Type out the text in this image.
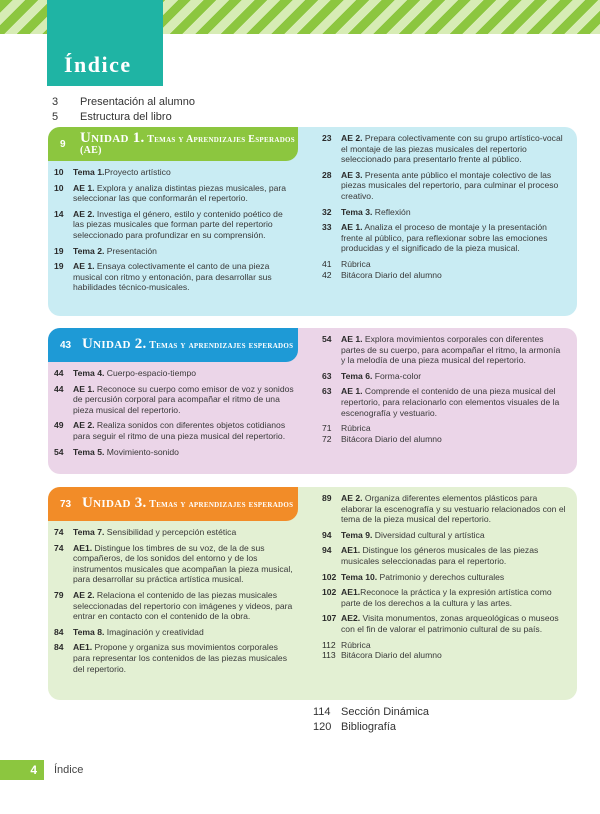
Índice
3	Presentación al alumno
5	Estructura del libro
9 Unidad 1. Temas y Aprendizajes Esperados (AE)
10	Tema 1.Proyecto artístico
10	AE 1. Explora y analiza distintas piezas musicales, para seleccionar las que conformarán el repertorio.
14	AE 2. Investiga el género, estilo y contenido poético de las piezas musicales que forman parte del repertorio seleccionado para profundizar en su comprensión.
19	Tema 2. Presentación
19	AE 1. Ensaya colectivamente el canto de una pieza musical con ritmo y entonación, para desarrollar sus habilidades técnico-musicales.
23	AE 2. Prepara colectivamente con su grupo artístico-vocal el montaje de las piezas musicales del repertorio seleccionado para presentarlo frente al público.
28	AE 3. Presenta ante público el montaje colectivo de las piezas musicales del repertorio, para culminar el proceso creativo.
32	Tema 3. Reflexión
33	AE 1. Analiza el proceso de montaje y la presentación frente al público, para reflexionar sobre las emociones producidas y el significado de la pieza musical.
41	Rúbrica
42	Bitácora Diario del alumno
43 Unidad 2. Temas y aprendizajes esperados
44	Tema 4. Cuerpo-espacio-tiempo
44	AE 1. Reconoce su cuerpo como emisor de voz y sonidos de percusión corporal para acompañar el ritmo de una pieza musical del repertorio.
49	AE 2. Realiza sonidos con diferentes objetos cotidianos para seguir el ritmo de una pieza musical del repertorio.
54	Tema 5. Movimiento-sonido
54	AE 1. Explora movimientos corporales con diferentes partes de su cuerpo, para acompañar el ritmo, la armonía y la melodía de una pieza musical del repertorio.
63	Tema 6. Forma-color
63	AE 1. Comprende el contenido de una pieza musical del repertorio, para relacionarlo con elementos visuales de la escenografía y vestuario.
71	Rúbrica
72	Bitácora Diario del alumno
73 Unidad 3. Temas y aprendizajes esperados
74	Tema 7. Sensibilidad y percepción estética
74	AE1. Distingue los timbres de su voz, de la de sus compañeros, de los sonidos del entorno y de los instrumentos musicales que acompañan la pieza musical, para desarrollar su práctica artística musical.
79	AE 2. Relaciona el contenido de las piezas musicales seleccionadas del repertorio con imágenes y videos, para entrar en contacto con el contenido de la obra.
84	Tema 8. Imaginación y creatividad
84	AE1. Propone y organiza sus movimientos corporales para representar los contenidos de las piezas musicales del repertorio.
89	AE 2. Organiza diferentes elementos plásticos para elaborar la escenografía y su vestuario relacionados con el tema de la pieza musical del repertorio.
94	Tema 9. Diversidad cultural y artística
94	AE1. Distingue los géneros musicales de las piezas musicales seleccionadas para el repertorio.
102 Tema 10. Patrimonio y derechos culturales
102 AE1.Reconoce la práctica y la expresión artística como parte de los derechos a la cultura y las artes.
107 AE2. Visita monumentos, zonas arqueológicas o museos con el fin de valorar el patrimonio cultural de su país.
112 Rúbrica
113 Bitácora Diario del alumno
114 Sección Dinámica
120 Bibliografía
4	Índice
